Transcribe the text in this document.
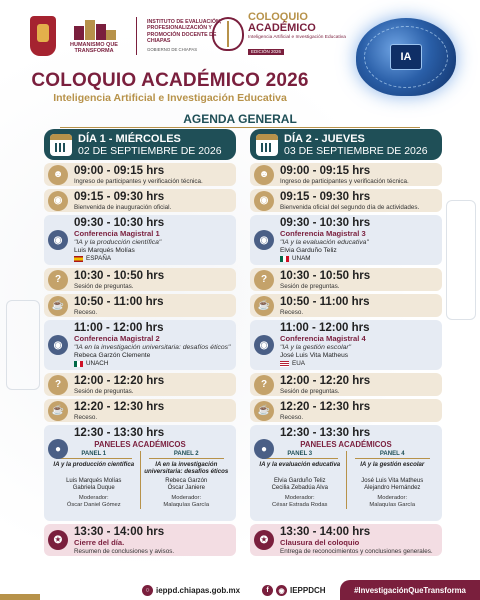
HUMANISMO QUE TRANSFORMA
INSTITUTO DE EVALUACIÓN, PROFESIONALIZACIÓN Y PROMOCIÓN DOCENTE DE CHIAPAS
GOBIERNO DE CHIAPAS
COLOQUIO
ACADÉMICO
Inteligencia Artificial e Investigación Educativa
EDICIÓN 2026	IA
COLOQUIO ACADÉMICO 2026
Inteligencia Artificial e Investigación Educativa
AGENDA GENERAL
DÍA 1 - MIÉRCOLES
02 DE SEPTIEMBRE DE 2026
☻ 09:00 - 09:15 hrs
Ingreso de participantes y verificación técnica.
◉	09:15 - 09:30 hrs
Bienvenida de inauguración oficial.
◉
09:30 - 10:30 hrs
Conferencia Magistral 1
"IA y la producción científica"
Luis Marqués Molías
ESPAÑA
?	10:30 - 10:50 hrs
Sesión de preguntas.
☕ 10:50 - 11:00 hrs
Receso.
◉
11:00 - 12:00 hrs
Conferencia Magistral 2
"IA en la investigación universitaria: desafíos éticos"
Rebeca Garzón Clemente
UNACH
?	12:00 - 12:20 hrs
Sesión de preguntas.
☕ 12:20 - 12:30 hrs
Receso.
●
12:30 - 13:30 hrs
PANELES ACADÉMICOS
PANEL 1
IA y la producción científica
Luis Marqués Molías
Gabriela Duque
Moderador:
Óscar Daniel Gómez
PANEL 2
IA en la investigación universitaria: desafíos éticos
Rebeca Garzón
Óscar Janiere
Moderador:
Malaquías García
✪
13:30 - 14:00 hrs
Cierre del día.
Resumen de conclusiones y avisos.
DÍA 2 - JUEVES
03 DE SEPTIEMBRE DE 2026
☻ 09:00 - 09:15 hrs
Ingreso de participantes y verificación técnica.
◉	09:15 - 09:30 hrs
Bienvenida oficial del segundo día de actividades.
◉
09:30 - 10:30 hrs
Conferencia Magistral 3
"IA y la evaluación educativa"
Elvia Garduño Teliz
UNAM
?	10:30 - 10:50 hrs
Sesión de preguntas.
☕ 10:50 - 11:00 hrs
Receso.
◉
11:00 - 12:00 hrs
Conferencia Magistral 4
"IA y la gestión escolar"
José Luis Vita Matheus
EUA
?	12:00 - 12:20 hrs
Sesión de preguntas.
☕ 12:20 - 12:30 hrs
Receso.
●
12:30 - 13:30 hrs
PANELES ACADÉMICOS
PANEL 3
IA y la evaluación educativa
Elvia Garduño Teliz
Cecilia Zebadúa Alva
Moderador:
César Estrada Rodas
PANEL 4
IA y la gestión escolar
José Luis Vita Matheus
Alejandro Hernández
Moderador:
Malaquías García
✪
13:30 - 14:00 hrs
Clausura del coloquio
Entrega de reconocimientos y conclusiones generales.
○ ieppd.chiapas.gob.mx	f	◉ IEPPDCH	#InvestigaciónQueTransforma
